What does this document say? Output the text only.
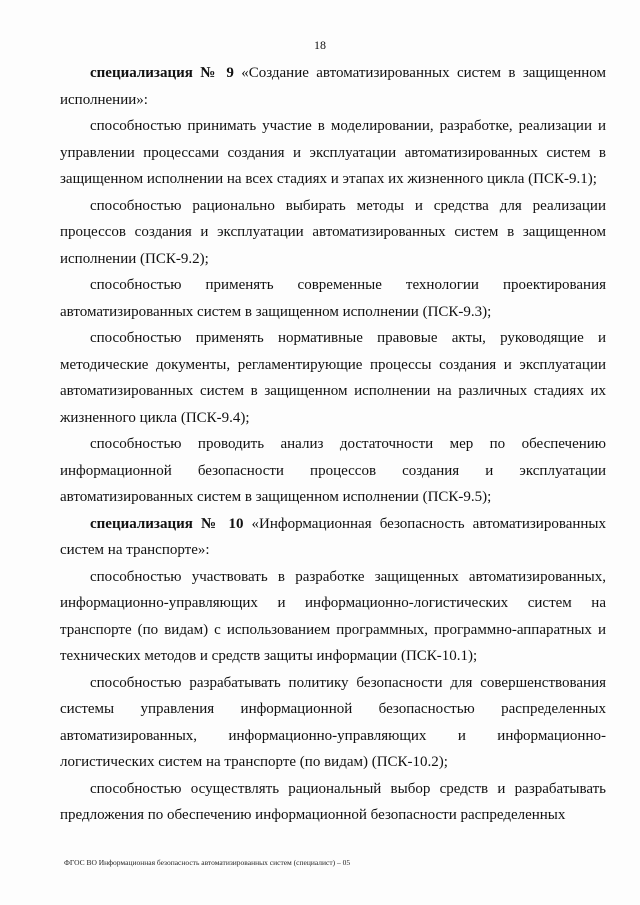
18

специализация № 9 «Создание автоматизированных систем в защищенном исполнении»:

способностью принимать участие в моделировании, разработке, реализации и управлении процессами создания и эксплуатации автоматизированных систем в защищенном исполнении на всех стадиях и этапах их жизненного цикла (ПСК-9.1);

способностью рационально выбирать методы и средства для реализации процессов создания и эксплуатации автоматизированных систем в защищенном исполнении (ПСК-9.2);

способностью применять современные технологии проектирования автоматизированных систем в защищенном исполнении (ПСК-9.3);

способностью применять нормативные правовые акты, руководящие и методические документы, регламентирующие процессы создания и эксплуатации автоматизированных систем в защищенном исполнении на различных стадиях их жизненного цикла (ПСК-9.4);

способностью проводить анализ достаточности мер по обеспечению информационной безопасности процессов создания и эксплуатации автоматизированных систем в защищенном исполнении (ПСК-9.5);

специализация № 10 «Информационная безопасность автоматизированных систем на транспорте»:

способностью участвовать в разработке защищенных автоматизированных, информационно-управляющих и информационно-логистических систем на транспорте (по видам) с использованием программных, программно-аппаратных и технических методов и средств защиты информации (ПСК-10.1);

способностью разрабатывать политику безопасности для совершенствования системы управления информационной безопасностью распределенных автоматизированных, информационно-управляющих и информационно-логистических систем на транспорте (по видам) (ПСК-10.2);

способностью осуществлять рациональный выбор средств и разрабатывать предложения по обеспечению информационной безопасности распределенных

ФГОС ВО Информационная безопасность автоматизированных систем (специалист) – 05
